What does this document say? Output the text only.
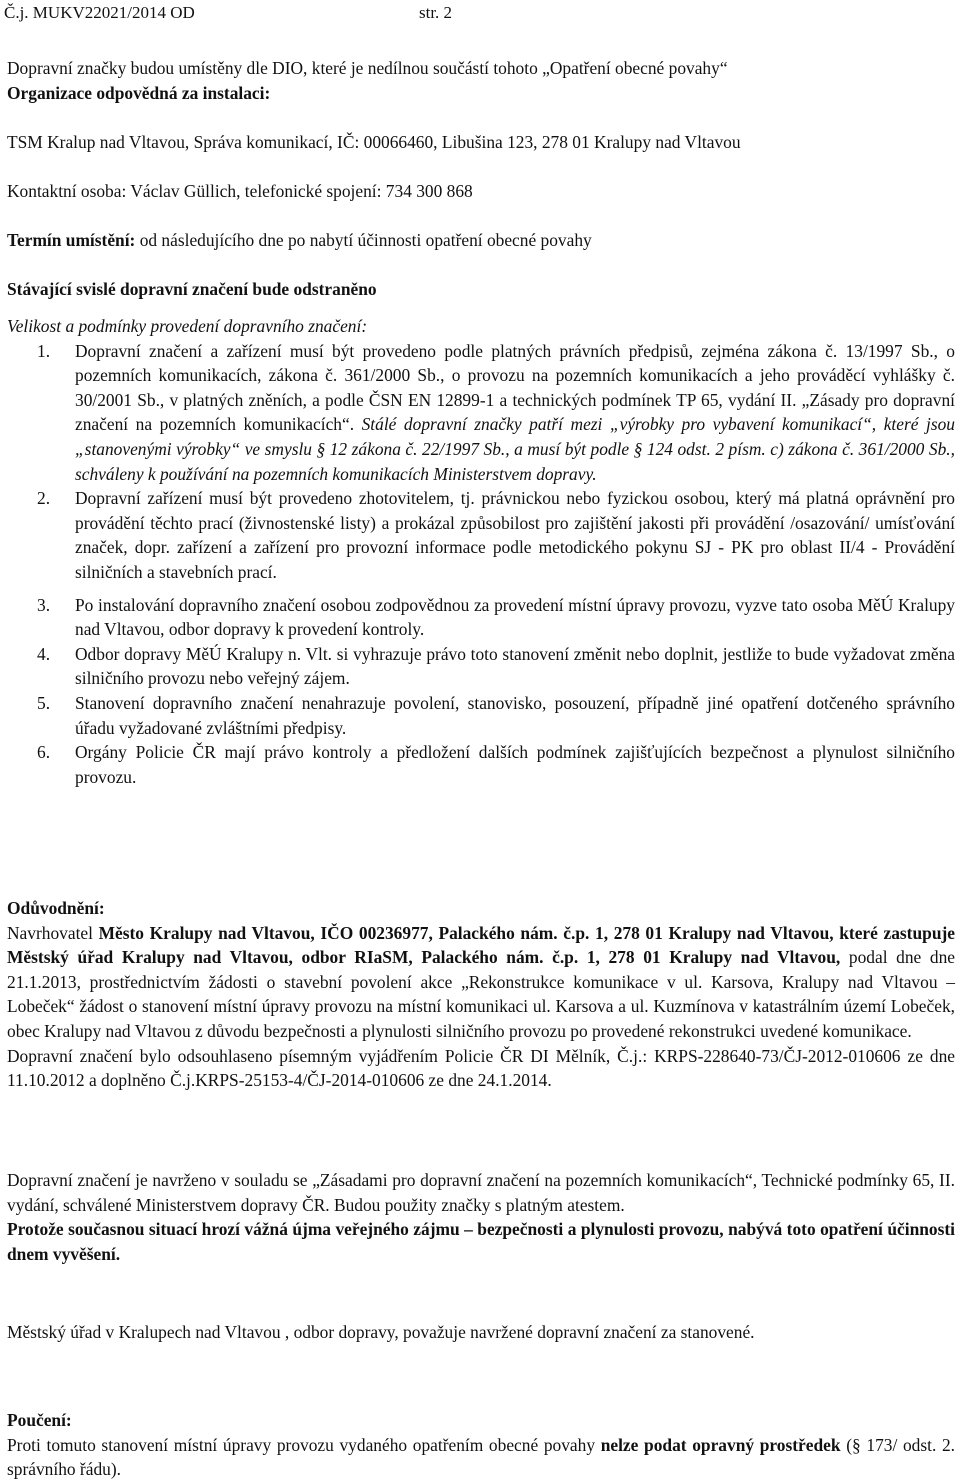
Č.j. MUKV22021/2014 OD	str. 2

Dopravní značky budou umístěny dle DIO, které je nedílnou součástí tohoto „Opatření obecné povahy“

Organizace odpovědná za instalaci:

TSM Kralup nad Vltavou, Správa komunikací, IČ: 00066460, Libušina 123, 278 01 Kralupy nad Vltavou

Kontaktní osoba: Václav Güllich, telefonické spojení: 734 300 868

Termín umístění: od následujícího dne po nabytí účinnosti opatření obecné povahy

Stávající svislé dopravní značení bude odstraněno

Velikost a podmínky provedení dopravního značení:

1. Dopravní značení a zařízení musí být provedeno podle platných právních předpisů, zejména zákona č. 13/1997 Sb., o pozemních komunikacích, zákona č. 361/2000 Sb., o provozu na pozemních komunikacích a jeho prováděcí vyhlášky č. 30/2001 Sb., v platných zněních, a podle ČSN EN 12899-1 a technických podmínek TP 65, vydání II. „Zásady pro dopravní značení na pozemních komunikacích“. Stálé dopravní značky patří mezi „výrobky pro vybavení komunikací“, které jsou „stanovenými výrobky“ ve smyslu § 12 zákona č. 22/1997 Sb., a musí být podle § 124 odst. 2 písm. c) zákona č. 361/2000 Sb., schváleny k používání na pozemních komunikacích Ministerstvem dopravy.
2. Dopravní zařízení musí být provedeno zhotovitelem, tj. právnickou nebo fyzickou osobou, který má platná oprávnění pro provádění těchto prací (živnostenské listy) a prokázal způsobilost pro zajištění jakosti při provádění /osazování/ umísťování značek, dopr. zařízení a zařízení pro provozní informace podle metodického pokynu SJ - PK pro oblast II/4 - Provádění silničních a stavebních prací.
3. Po instalování dopravního značení osobou zodpovědnou za provedení místní úpravy provozu, vyzve tato osoba MěÚ Kralupy nad Vltavou, odbor dopravy k provedení kontroly.
4. Odbor dopravy MěÚ Kralupy n. Vlt. si vyhrazuje právo toto stanovení změnit nebo doplnit, jestliže to bude vyžadovat změna silničního provozu nebo veřejný zájem.
5. Stanovení dopravního značení nenahrazuje povolení, stanovisko, posouzení, případně jiné opatření dotčeného správního úřadu vyžadované zvláštními předpisy.
6. Orgány Policie ČR mají právo kontroly a předložení dalších podmínek zajišťujících bezpečnost a plynulost silničního provozu.

Odůvodnění:

Navrhovatel Město Kralupy nad Vltavou, IČO 00236977, Palackého nám. č.p. 1, 278 01 Kralupy nad Vltavou, které zastupuje Městský úřad Kralupy nad Vltavou, odbor RIaSM, Palackého nám. č.p. 1, 278 01 Kralupy nad Vltavou, podal dne dne 21.1.2013, prostřednictvím žádosti o stavební povolení akce „Rekonstrukce komunikace v ul. Karsova, Kralupy nad Vltavou – Lobeček“ žádost o stanovení místní úpravy provozu na místní komunikaci ul. Karsova a ul. Kuzmínova v katastrálním území Lobeček, obec Kralupy nad Vltavou z důvodu bezpečnosti a plynulosti silničního provozu po provedené rekonstrukci uvedené komunikace.

Dopravní značení bylo odsouhlaseno písemným vyjádřením Policie ČR DI Mělník, Č.j.: KRPS-228640-73/ČJ-2012-010606 ze dne 11.10.2012 a doplněno Č.j.KRPS-25153-4/ČJ-2014-010606 ze dne 24.1.2014.

Dopravní značení je navrženo v souladu se „Zásadami pro dopravní značení na pozemních komunikacích“, Technické podmínky 65, II. vydání, schválené Ministerstvem dopravy ČR. Budou použity značky s platným atestem.

Protože současnou situací hrozí vážná újma veřejného zájmu – bezpečnosti a plynulosti provozu, nabývá toto opatření účinnosti dnem vyvěšení.

Městský úřad v Kralupech nad Vltavou , odbor dopravy, považuje navržené dopravní značení za stanovené.

Poučení:

Proti tomuto stanovení místní úpravy provozu vydaného opatřením obecné povahy nelze podat opravný prostředek (§ 173/ odst. 2. správního řádu).
